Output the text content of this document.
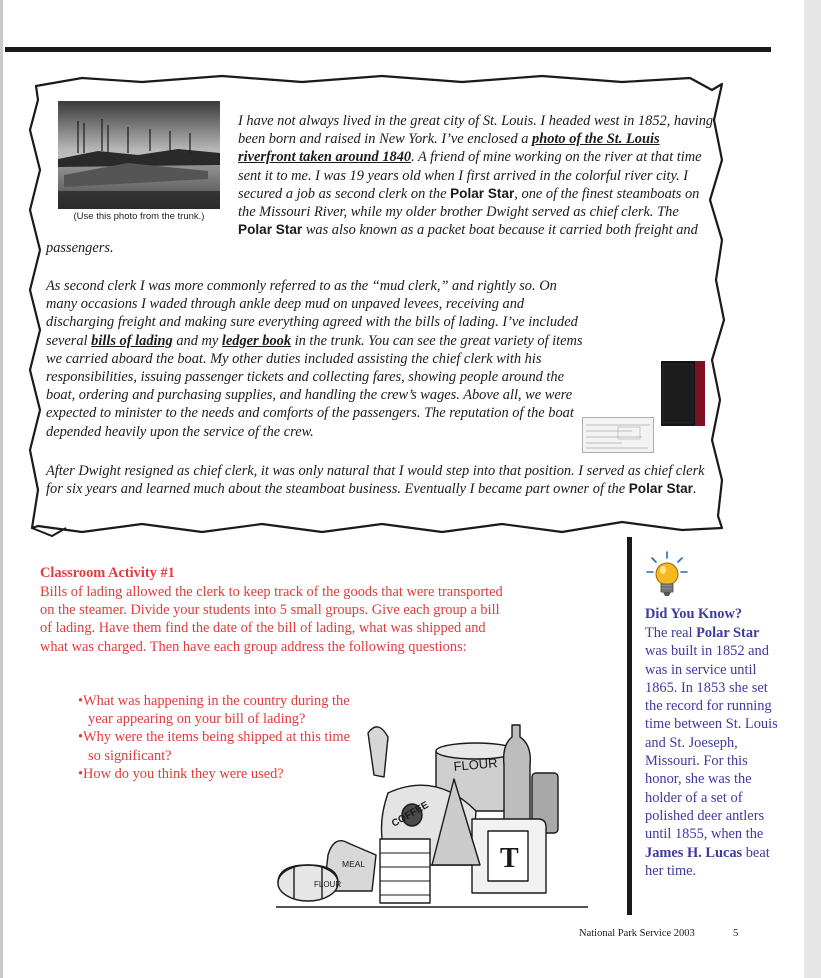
(Use this photo from the trunk.)
I have not always lived in the great city of St. Louis. I headed west in 1852, having been born and raised in New York. I’ve enclosed a photo of the St. Louis riverfront taken around 1840. A friend of mine working on the river at that time sent it to me. I was 19 years old when I first arrived in the colorful river city. I secured a job as second clerk on the Polar Star, one of the finest steamboats on the Missouri River, while my older brother Dwight served as chief clerk. The Polar Star was also known as a packet boat because it carried both freight and passengers.
As second clerk I was more commonly referred to as the “mud clerk,” and rightly so. On many occasions I waded through ankle deep mud on unpaved levees, receiving and discharging freight and making sure everything agreed with the bills of lading. I’ve included several bills of lading and my ledger book in the trunk. You can see the great variety of items we carried aboard the boat. My other duties included assisting the chief clerk with his responsibilities, issuing passenger tickets and collecting fares, showing people around the boat, ordering and purchasing supplies, and handling the crew’s wages. Above all, we were expected to minister to the needs and comforts of the passengers. The reputation of the boat depended heavily upon the service of the crew.
After Dwight resigned as chief clerk, it was only natural that I would step into that position. I served as chief clerk for six years and learned much about the steamboat business. Eventually I became part owner of the Polar Star.
Classroom Activity #1
Bills of lading allowed the clerk to keep track of the goods that were transported on the steamer. Divide your students into 5 small groups. Give each group a bill of lading. Have them find the date of the bill of lading, what was shipped and what was charged. Then have each group address the following questions:
•What was happening in the country during the year appearing on your bill of lading?
•Why were the items being shipped at this time so significant?
•How do you think they were used?	FLOUR
COFFEE
MEAL
FLOUR
T
Did You Know?
The real Polar Star was built in 1852 and was in service until 1865. In 1853 she set the record for running time between St. Louis and St. Joeseph, Missouri. For this honor, she was the holder of a set of polished deer antlers until 1855, when the James H. Lucas beat her time.
National Park Service 2003	5
